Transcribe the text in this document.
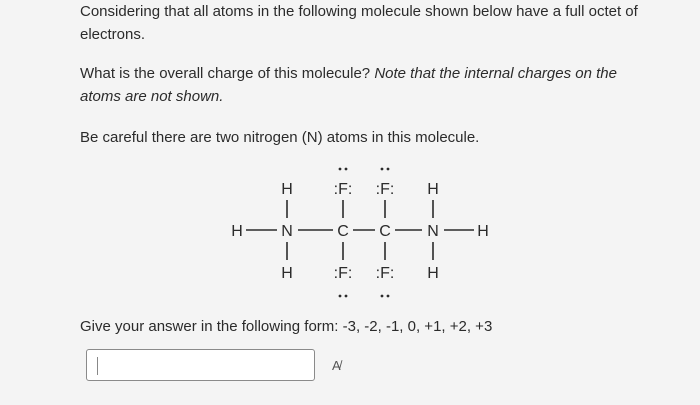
Considering that all atoms in the following molecule shown below have a full octet of electrons.

What is the overall charge of this molecule? Note that the internal charges on the atoms are not shown.

Be careful there are two nitrogen (N) atoms in this molecule.

H	:F: :F: H
H N	C C N H
H	:F: :F: H

Give your answer in the following form: -3, -2, -1, 0, +1, +2, +3

A̸
